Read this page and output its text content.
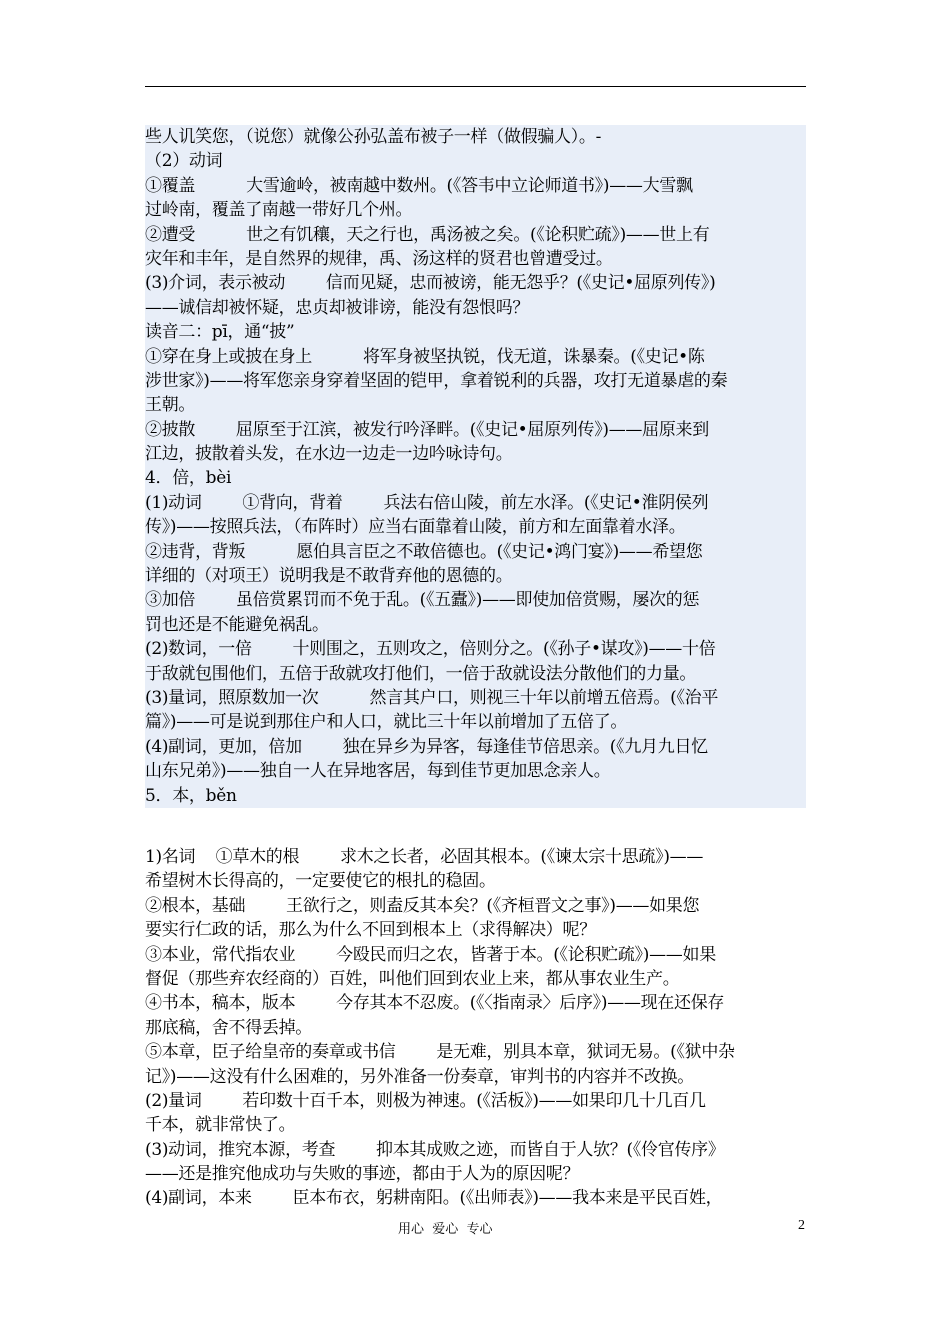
些人讥笑您，（说您）就像公孙弘盖布被子一样（做假骗人）。-
（2）动词
①覆盖          大雪逾岭，被南越中数州。(《答韦中立论师道书》)——大雪飘
过岭南，覆盖了南越一带好几个州。
②遭受          世之有饥穰，天之行也，禹汤被之矣。(《论积贮疏》)——世上有
灾年和丰年，是自然界的规律，禹、汤这样的贤君也曾遭受过。
(3)介词，表示被动        信而见疑，忠而被谤，能无怨乎？(《史记•屈原列传》)
——诚信却被怀疑，忠贞却被诽谤，能没有怨恨吗？
读音二：pī，通“披”
①穿在身上或披在身上          将军身被坚执锐，伐无道，诛暴秦。(《史记•陈
涉世家》)——将军您亲身穿着坚固的铠甲，拿着锐利的兵器，攻打无道暴虐的秦
王朝。
②披散        屈原至于江滨，被发行吟泽畔。(《史记•屈原列传》)——屈原来到
江边，披散着头发，在水边一边走一边吟咏诗句。
4．倍，bèi
(1)动词        ①背向，背着        兵法右倍山陵，前左水泽。(《史记•淮阴侯列
传》)——按照兵法，（布阵时）应当右面靠着山陵，前方和左面靠着水泽。
②违背，背叛          愿伯具言臣之不敢倍德也。(《史记•鸿门宴》)——希望您
详细的（对项王）说明我是不敢背弃他的恩德的。
③加倍        虽倍赏累罚而不免于乱。(《五蠹》)——即使加倍赏赐，屡次的惩
罚也还是不能避免祸乱。
(2)数词，一倍        十则围之，五则攻之，倍则分之。(《孙子•谋攻》)——十倍
于敌就包围他们，五倍于敌就攻打他们，一倍于敌就设法分散他们的力量。
(3)量词，照原数加一次          然言其户口，则视三十年以前增五倍焉。(《治平
篇》)——可是说到那住户和人口，就比三十年以前增加了五倍了。
(4)副词，更加，倍加        独在异乡为异客，每逢佳节倍思亲。(《九月九日忆
山东兄弟》)——独自一人在异地客居，每到佳节更加思念亲人。
5．本，běn
1)名词    ①草木的根        求木之长者，必固其根本。(《谏太宗十思疏》)——
希望树木长得高的，一定要使它的根扎的稳固。
②根本，基础        王欲行之，则盍反其本矣？(《齐桓晋文之事》)——如果您
要实行仁政的话，那么为什么不回到根本上（求得解决）呢？
③本业，常代指农业        今殴民而归之农，皆著于本。(《论积贮疏》)——如果
督促（那些弃农经商的）百姓，叫他们回到农业上来，都从事农业生产。
④书本，稿本，版本        今存其本不忍废。(《〈指南录〉后序》)——现在还保存
那底稿，舍不得丢掉。
⑤本章，臣子给皇帝的奏章或书信        是无难，别具本章，狱词无易。(《狱中杂
记》)——这没有什么困难的，另外准备一份奏章，审判书的内容并不改换。
(2)量词        若印数十百千本，则极为神速。(《活板》)——如果印几十几百几
千本，就非常快了。
(3)动词，推究本源，考查        抑本其成败之迹，而皆自于人欤？(《伶官传序》
——还是推究他成功与失败的事迹，都由于人为的原因呢？
(4)副词，本来        臣本布衣，躬耕南阳。(《出师表》)——我本来是平民百姓，
用心  爱心  专心	2
